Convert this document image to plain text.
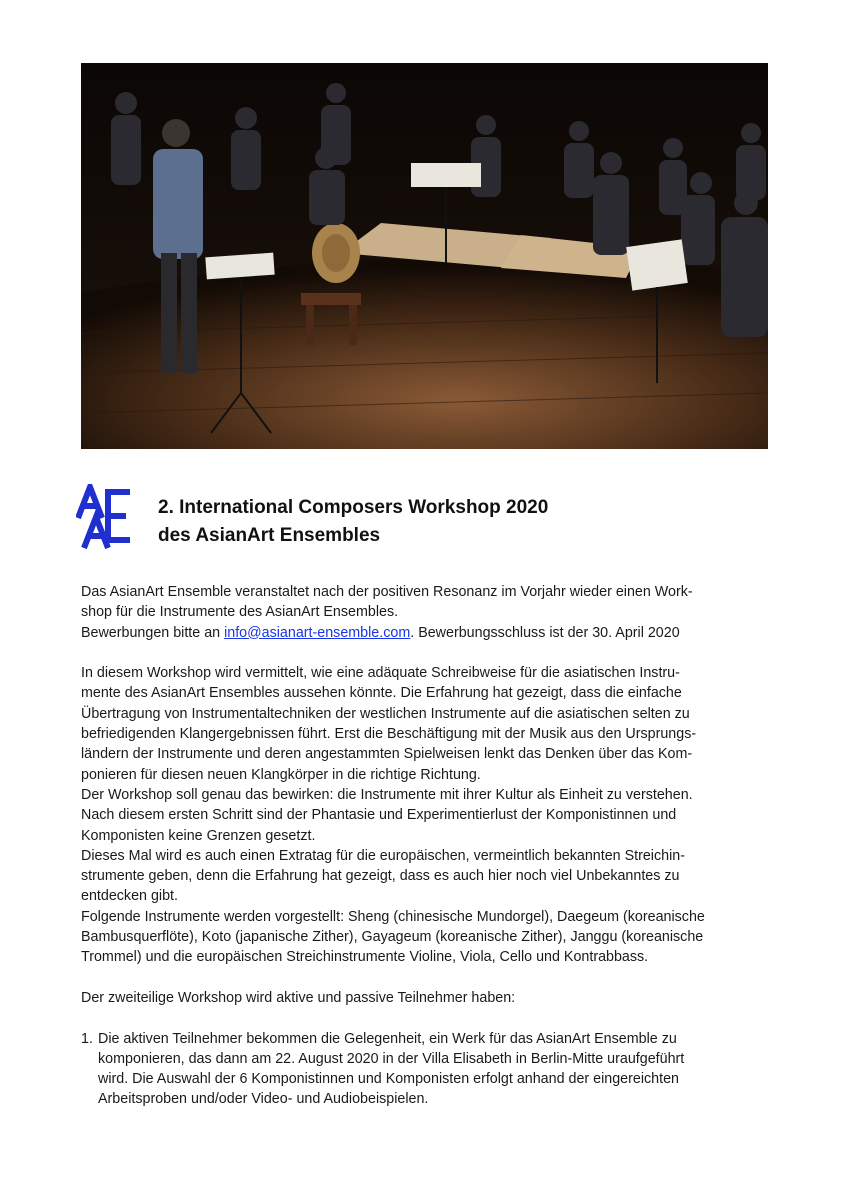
2. International Composers Workshop 2020
des AsianArt Ensembles

Das AsianArt Ensemble veranstaltet nach der positiven Resonanz im Vorjahr wieder einen Work-

shop für die Instrumente des AsianArt Ensembles.

Bewerbungen bitte an info@asianart-ensemble.com. Bewerbungsschluss ist der 30. April 2020

In diesem Workshop wird vermittelt, wie eine adäquate Schreibweise für die asiatischen Instru-

mente des AsianArt Ensembles aussehen könnte. Die Erfahrung hat gezeigt, dass die einfache

Übertragung von Instrumentaltechniken der westlichen Instrumente auf die asiatischen selten zu

befriedigenden Klangergebnissen führt. Erst die Beschäftigung mit der Musik aus den Ursprungs-

ländern der Instrumente und deren angestammten Spielweisen lenkt das Denken über das Kom-

ponieren für diesen neuen Klangkörper in die richtige Richtung.

Der Workshop soll genau das bewirken: die Instrumente mit ihrer Kultur als Einheit zu verstehen.

Nach diesem ersten Schritt sind der Phantasie und Experimentierlust der Komponistinnen und

Komponisten keine Grenzen gesetzt.

Dieses Mal wird es auch einen Extratag für die europäischen, vermeintlich bekannten Streichin-

strumente geben, denn die Erfahrung hat gezeigt, dass es auch hier noch viel Unbekanntes zu

entdecken gibt.

Folgende Instrumente werden vorgestellt: Sheng (chinesische Mundorgel), Daegeum (koreanische

Bambusquerflöte), Koto (japanische Zither), Gayageum (koreanische Zither), Janggu (koreanische

Trommel) und die europäischen Streichinstrumente Violine, Viola, Cello und Kontrabbass.

Der zweiteilige Workshop wird aktive und passive Teilnehmer haben:

1. Die aktiven Teilnehmer bekommen die Gelegenheit, ein Werk für das AsianArt Ensemble zu

komponieren, das dann am 22. August 2020 in der Villa Elisabeth in Berlin-Mitte uraufgeführt

wird. Die Auswahl der 6 Komponistinnen und Komponisten erfolgt anhand der eingereichten

Arbeitsproben und/oder Video- und Audiobeispielen.
